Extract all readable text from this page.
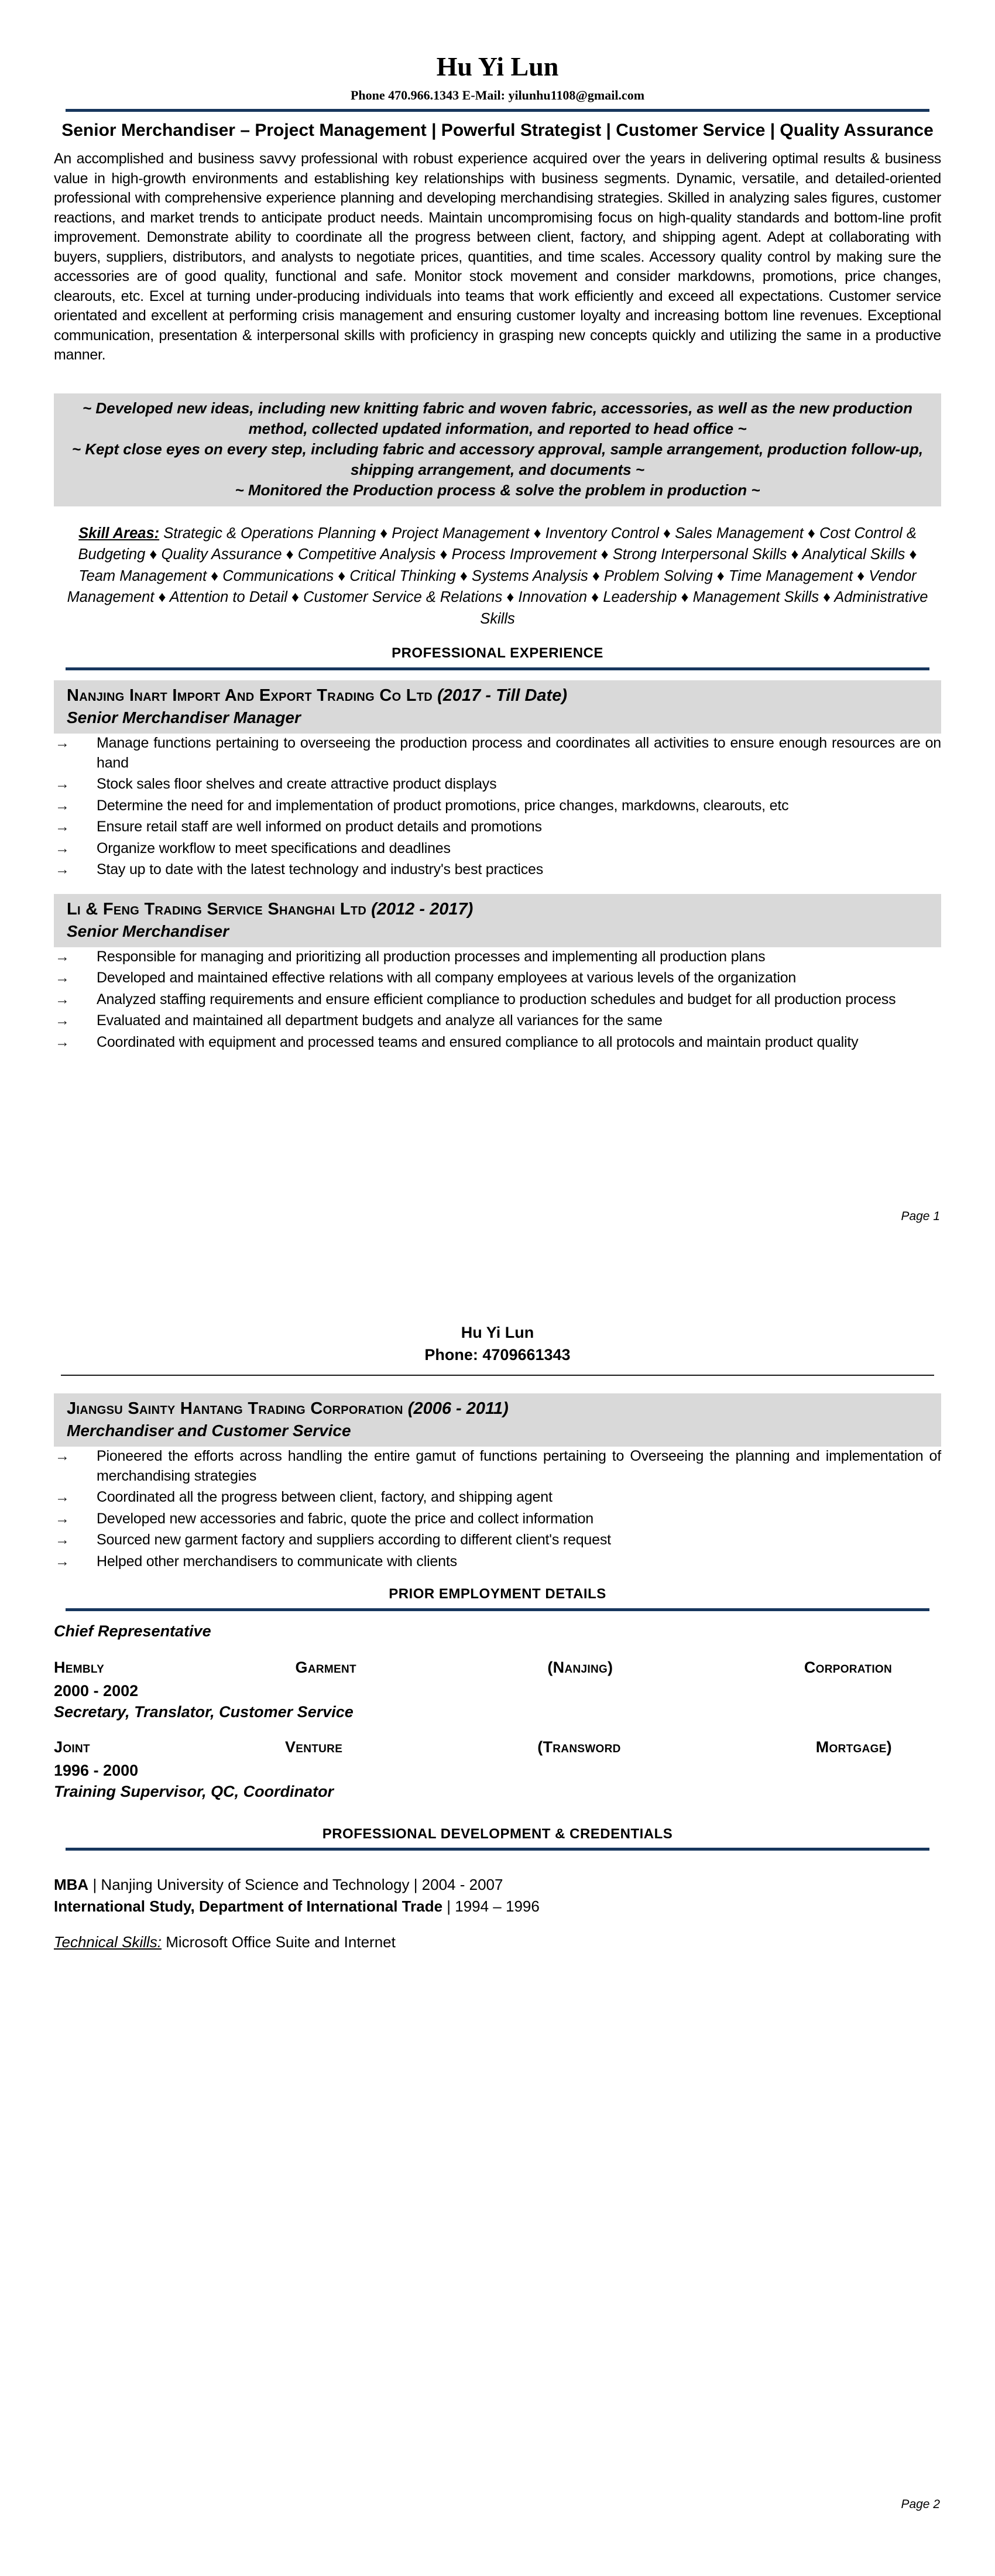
Hu Yi Lun
Phone 470.966.1343 E-Mail: yilunhu1108@gmail.com
Senior Merchandiser – Project Management | Powerful Strategist | Customer Service | Quality Assurance
An accomplished and business savvy professional with robust experience acquired over the years in delivering optimal results & business value in high-growth environments and establishing key relationships with business segments. Dynamic, versatile, and detailed-oriented professional with comprehensive experience planning and developing merchandising strategies. Skilled in analyzing sales figures, customer reactions, and market trends to anticipate product needs. Maintain uncompromising focus on high-quality standards and bottom-line profit improvement. Demonstrate ability to coordinate all the progress between client, factory, and shipping agent. Adept at collaborating with buyers, suppliers, distributors, and analysts to negotiate prices, quantities, and time scales. Accessory quality control by making sure the accessories are of good quality, functional and safe. Monitor stock movement and consider markdowns, promotions, price changes, clearouts, etc. Excel at turning under-producing individuals into teams that work efficiently and exceed all expectations. Customer service orientated and excellent at performing crisis management and ensuring customer loyalty and increasing bottom line revenues. Exceptional communication, presentation & interpersonal skills with proficiency in grasping new concepts quickly and utilizing the same in a productive manner.

~ Developed new ideas, including new knitting fabric and woven fabric, accessories, as well as the new production method, collected updated information, and reported to head office ~

~ Kept close eyes on every step, including fabric and accessory approval, sample arrangement, production follow-up, shipping arrangement, and documents ~

~ Monitored the Production process & solve the problem in production ~

Skill Areas: Strategic & Operations Planning ♦ Project Management ♦ Inventory Control ♦ Sales Management ♦ Cost Control & Budgeting ♦ Quality Assurance ♦ Competitive Analysis ♦ Process Improvement ♦ Strong Interpersonal Skills ♦ Analytical Skills ♦ Team Management ♦ Communications ♦ Critical Thinking ♦ Systems Analysis ♦ Problem Solving ♦ Time Management ♦ Vendor Management ♦ Attention to Detail ♦ Customer Service & Relations ♦ Innovation ♦ Leadership ♦ Management Skills ♦ Administrative Skills
PROFESSIONAL EXPERIENCE
Nanjing Inart Import And Export Trading Co Ltd (2017 - Till Date)
Senior Merchandiser Manager
→ Manage functions pertaining to overseeing the production process and coordinates all activities to ensure enough resources are on hand
→ Stock sales floor shelves and create attractive product displays
→ Determine the need for and implementation of product promotions, price changes, markdowns, clearouts, etc
→ Ensure retail staff are well informed on product details and promotions
→ Organize workflow to meet specifications and deadlines
→ Stay up to date with the latest technology and industry's best practices
Li & Feng Trading Service Shanghai Ltd (2012 - 2017)
Senior Merchandiser
→ Responsible for managing and prioritizing all production processes and implementing all production plans
→ Developed and maintained effective relations with all company employees at various levels of the organization
→ Analyzed staffing requirements and ensure efficient compliance to production schedules and budget for all production process
→ Evaluated and maintained all department budgets and analyze all variances for the same
→ Coordinated with equipment and processed teams and ensured compliance to all protocols and maintain product quality
Page 1
Hu Yi Lun
Phone: 4709661343
Jiangsu Sainty Hantang Trading Corporation (2006 - 2011)
Merchandiser and Customer Service
→ Pioneered the efforts across handling the entire gamut of functions pertaining to Overseeing the planning and implementation of merchandising strategies
→ Coordinated all the progress between client, factory, and shipping agent
→ Developed new accessories and fabric, quote the price and collect information
→ Sourced new garment factory and suppliers according to different client's request
→ Helped other merchandisers to communicate with clients
PRIOR EMPLOYMENT DETAILS
Chief Representative
Hembly	Garment	(Nanjing)	Corporation
2000 - 2002
Secretary, Translator, Customer Service
Joint	Venture	(Transword	Mortgage)
1996 - 2000
Training Supervisor, QC, Coordinator
PROFESSIONAL DEVELOPMENT & CREDENTIALS
MBA | Nanjing University of Science and Technology | 2004 - 2007
International Study, Department of International Trade | 1994 – 1996
Technical Skills: Microsoft Office Suite and Internet
Page 2
